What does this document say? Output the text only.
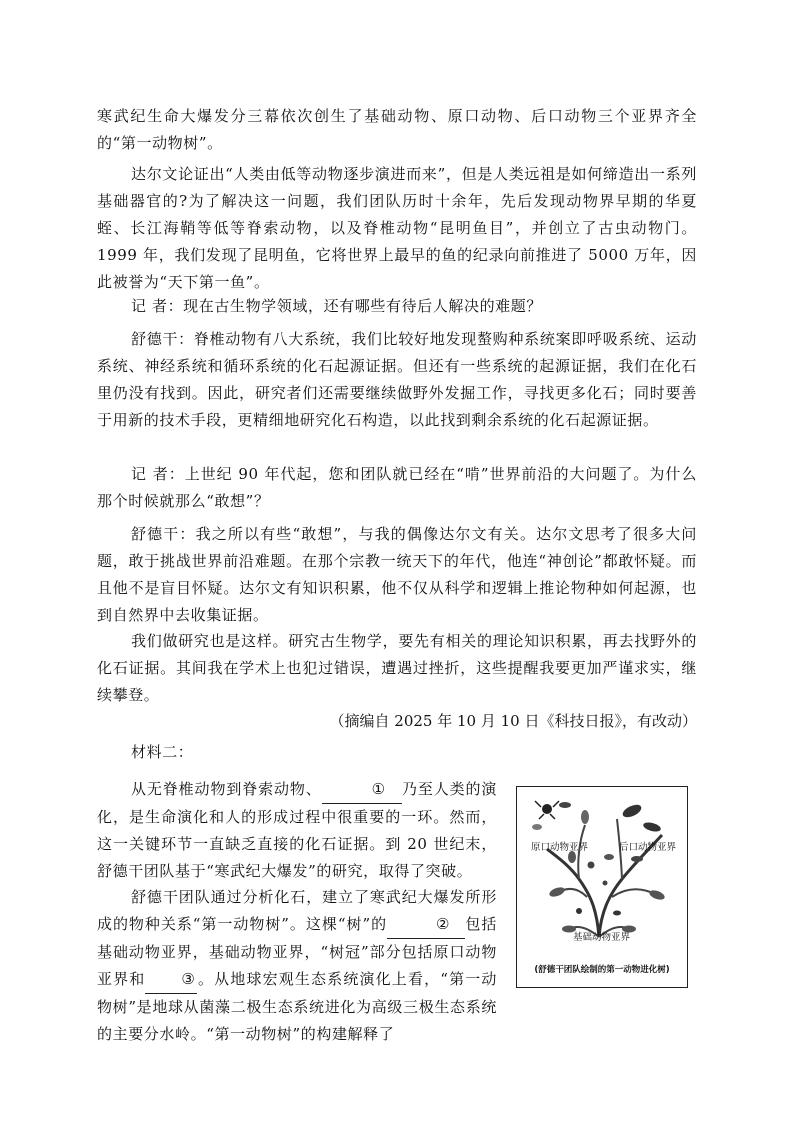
寒武纪生命大爆发分三幕依次创生了基础动物、原口动物、后口动物三个亚界齐全的“第一动物树”。

达尔文论证出“人类由低等动物逐步演进而来”，但是人类远祖是如何缔造出一系列基础器官的?为了解决这一问题，我们团队历时十余年，先后发现动物界早期的华夏蛭、长江海鞘等低等脊索动物，以及脊椎动物“昆明鱼目”，并创立了古虫动物门。1999 年，我们发现了昆明鱼，它将世界上最早的鱼的纪录向前推进了 5000 万年，因此被誉为“天下第一鱼”。

记 者：现在古生物学领域，还有哪些有待后人解决的难题？

舒德干：脊椎动物有八大系统，我们比较好地发现螯购种系统案即呼吸系统、运动系统、神经系统和循环系统的化石起源证据。但还有一些系统的起源证据，我们在化石里仍没有找到。因此，研究者们还需要继续做野外发掘工作，寻找更多化石；同时要善于用新的技术手段，更精细地研究化石构造，以此找到剩余系统的化石起源证据。

记 者：上世纪 90 年代起，您和团队就已经在“啃”世界前沿的大问题了。为什么那个时候就那么“敢想”？

舒德干：我之所以有些“敢想”，与我的偶像达尔文有关。达尔文思考了很多大问题，敢于挑战世界前沿难题。在那个宗教一统天下的年代，他连“神创论”都敢怀疑。而且他不是盲目怀疑。达尔文有知识积累，他不仅从科学和逻辑上推论物种如何起源，也到自然界中去收集证据。

我们做研究也是这样。研究古生物学，要先有相关的理论知识积累，再去找野外的化石证据。其间我在学术上也犯过错误，遭遇过挫折，这些提醒我要更加严谨求实，继续攀登。

（摘编自 2025 年 10 月 10 日《科技日报》，有改动）

材料二：

从无脊椎动物到脊索动物、	① 乃至人类的演化，是生命演化和人的形成过程中很重要的一环。然而，这一关键环节一直缺乏直接的化石证据。到 20 世纪末，舒德干团队基于“寒武纪大爆发”的研究，取得了突破。

舒德干团队通过分析化石，建立了寒武纪大爆发所形成的物种关系“第一动物树”。这棵“树”的	② 包括基础动物亚界，基础动物亚界，“树冠”部分包括原口动物亚界和 ③ 。从地球宏观生态系统演化上看，“第一动物树”是地球从菌藻二极生态系统进化为高级三极生态系统的主要分水岭。“第一动物树”的构建解释了

原口动物亚界	后口动物亚界
基础动物亚界
(舒德干团队绘制的第一动物进化树)
